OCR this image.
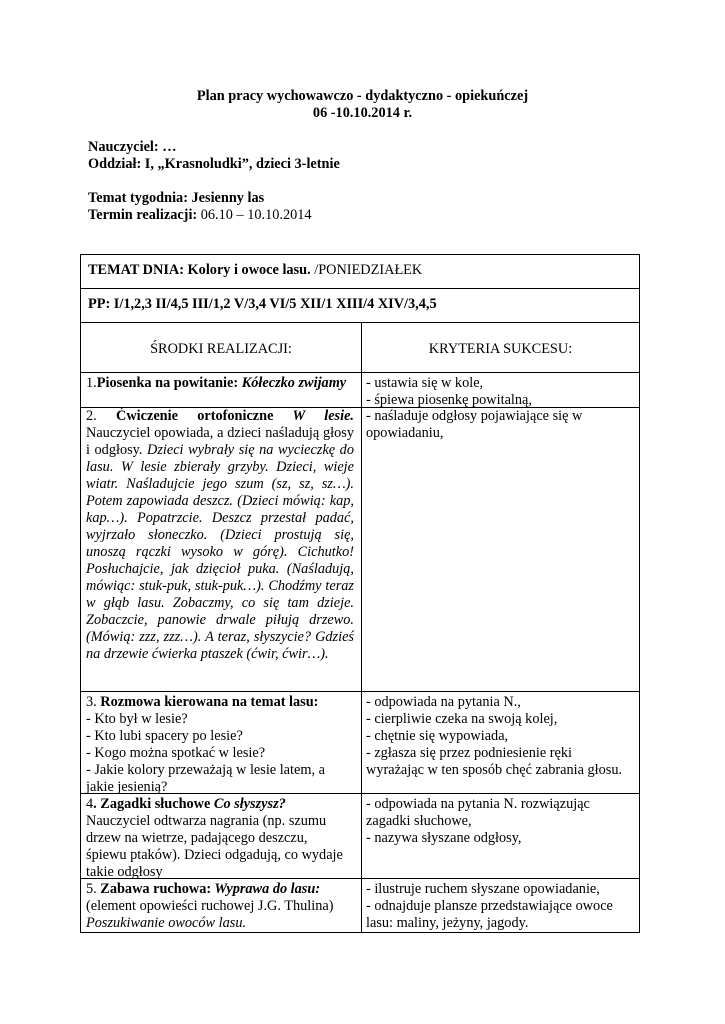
Plan pracy wychowawczo - dydaktyczno - opiekuńczej
06 -10.10.2014 r.
Nauczyciel: …
Oddział: I, „Krasnoludki”, dzieci 3-letnie
Temat tygodnia: Jesienny las
Termin realizacji: 06.10 – 10.10.2014
TEMAT DNIA: Kolory i owoce lasu. /PONIEDZIAŁEK
PP: I/1,2,3 II/4,5 III/1,2 V/3,4 VI/5 XII/1 XIII/4 XIV/3,4,5
ŚRODKI REALIZACJI:	KRYTERIA SUKCESU:
1.Piosenka na powitanie: Kółeczko zwijamy	- ustawia się w kole,
- śpiewa piosenkę powitalną,
2. Ćwiczenie ortofoniczne W lesie. Nauczyciel opowiada, a dzieci naśladują głosy i odgłosy. Dzieci wybrały się na wycieczkę do lasu. W lesie zbierały grzyby. Dzieci, wieje wiatr. Naśladujcie jego szum (sz, sz, sz…). Potem zapowiada deszcz. (Dzieci mówią: kap, kap…). Popatrzcie. Deszcz przestał padać, wyjrzało słoneczko. (Dzieci prostują się, unoszą rączki wysoko w górę). Cichutko! Posłuchajcie, jak dzięcioł puka. (Naśladują, mówiąc: stuk-puk, stuk-puk…). Chodźmy teraz w głąb lasu. Zobaczmy, co się tam dzieje. Zobaczcie, panowie drwale piłują drzewo. (Mówią: zzz, zzz…). A teraz, słyszycie? Gdzieś na drzewie ćwierka ptaszek (ćwir, ćwir…).
- naśladuje odgłosy pojawiające się w
opowiadaniu,
3. Rozmowa kierowana na temat lasu:
- Kto był w lesie?
- Kto lubi spacery po lesie?
- Kogo można spotkać w lesie?
- Jakie kolory przeważają w lesie latem, a
jakie jesienią?
- odpowiada na pytania N.,
- cierpliwie czeka na swoją kolej,
- chętnie się wypowiada,
- zgłasza się przez podniesienie ręki
wyrażając w ten sposób chęć zabrania głosu.
4. Zagadki słuchowe Co słyszysz?
Nauczyciel odtwarza nagrania (np. szumu
drzew na wietrze, padającego deszczu,
śpiewu ptaków). Dzieci odgadują, co wydaje
takie odgłosy
- odpowiada na pytania N. rozwiązując
zagadki słuchowe,
- nazywa słyszane odgłosy,
5. Zabawa ruchowa: Wyprawa do lasu:
(element opowieści ruchowej J.G. Thulina)
Poszukiwanie owoców lasu.
- ilustruje ruchem słyszane opowiadanie,
- odnajduje plansze przedstawiające owoce
lasu: maliny, jeżyny, jagody.
